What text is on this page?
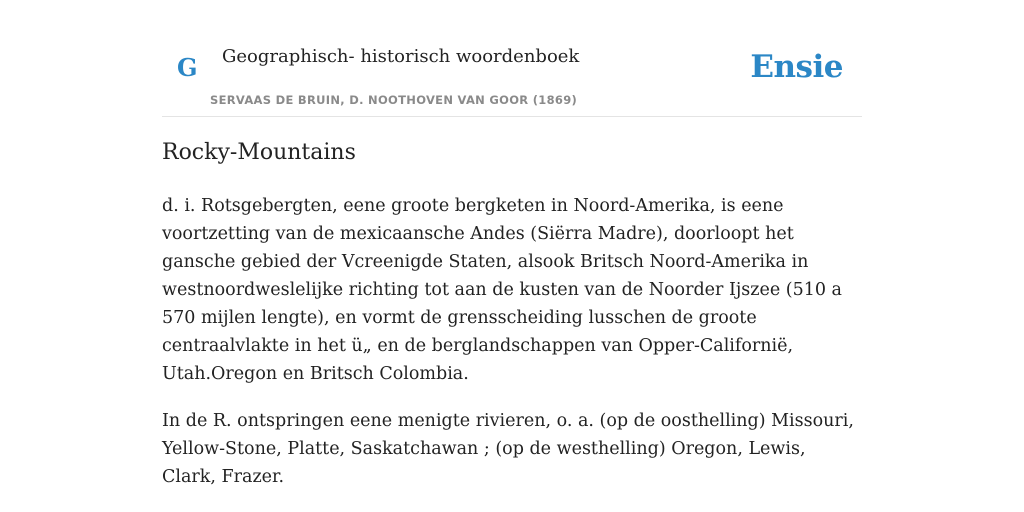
G Geographisch- historisch woordenboek
SERVAAS DE BRUIN, D. NOOTHOVEN VAN GOOR (1869)
Ensie
Rocky-Mountains

d. i. Rotsgebergten, eene groote bergketen in Noord-Amerika, is eene voortzetting van de mexicaansche Andes (Siërra Madre), doorloopt het gansche gebied der Vcreenigde Staten, alsook Britsch Noord-Amerika in westnoordweslelijke richting tot aan de kusten van de Noorder Ijszee (510 a 570 mijlen lengte), en vormt de grensscheiding lusschen de groote centraalvlakte in het ü„ en de berglandschappen van Opper-Californië, Utah.Oregon en Britsch Colombia.

In de R. ontspringen eene menigte rivieren, o. a. (op de oosthelling) Missouri, Yellow-Stone, Platte, Saskatchawan ; (op de westhelling) Oregon, Lewis, Clark, Frazer.
